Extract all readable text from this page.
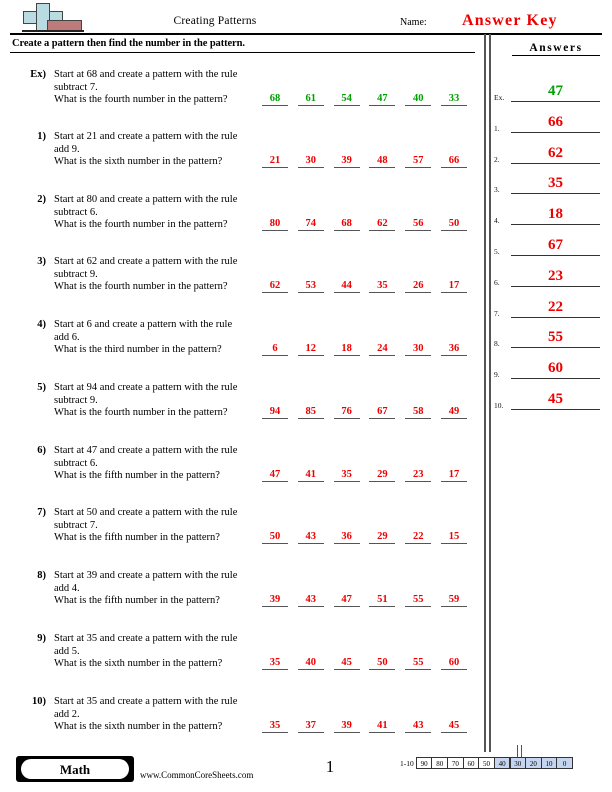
Creating Patterns	Name: Answer Key
Create a pattern then find the number in the pattern.	Answers
Ex.	47
1.	66
2.	62
3.	35
4.	18
5.	67
6.	23
7.	22
8.	55
9.	60
10.	45
Ex) Start at 68 and create a pattern with the rule
subtract 7.
What is the fourth number in the pattern?	68	61	54	47	40	33
1) Start at 21 and create a pattern with the rule
add 9.
What is the sixth number in the pattern?	21	30	39	48	57	66
2) Start at 80 and create a pattern with the rule
subtract 6.
What is the fourth number in the pattern?	80	74	68	62	56	50
3) Start at 62 and create a pattern with the rule
subtract 9.
What is the fourth number in the pattern?	62	53	44	35	26	17
4) Start at 6 and create a pattern with the rule
add 6.
What is the third number in the pattern?	6	12	18	24	30	36
5) Start at 94 and create a pattern with the rule
subtract 9.
What is the fourth number in the pattern?	94	85	76	67	58	49
6) Start at 47 and create a pattern with the rule
subtract 6.
What is the fifth number in the pattern?	47	41	35	29	23	17
7) Start at 50 and create a pattern with the rule
subtract 7.
What is the fifth number in the pattern?	50	43	36	29	22	15
8) Start at 39 and create a pattern with the rule
add 4.
What is the fifth number in the pattern?	39	43	47	51	55	59
9) Start at 35 and create a pattern with the rule
add 5.
What is the sixth number in the pattern?	35	40	45	50	55	60
10) Start at 35 and create a pattern with the rule
add 2.
What is the sixth number in the pattern?	35	37	39	41	43	45
Math	www.CommonCoreSheets.com	1	1-10 90	80	70	60	50	40	30	20	10	0
